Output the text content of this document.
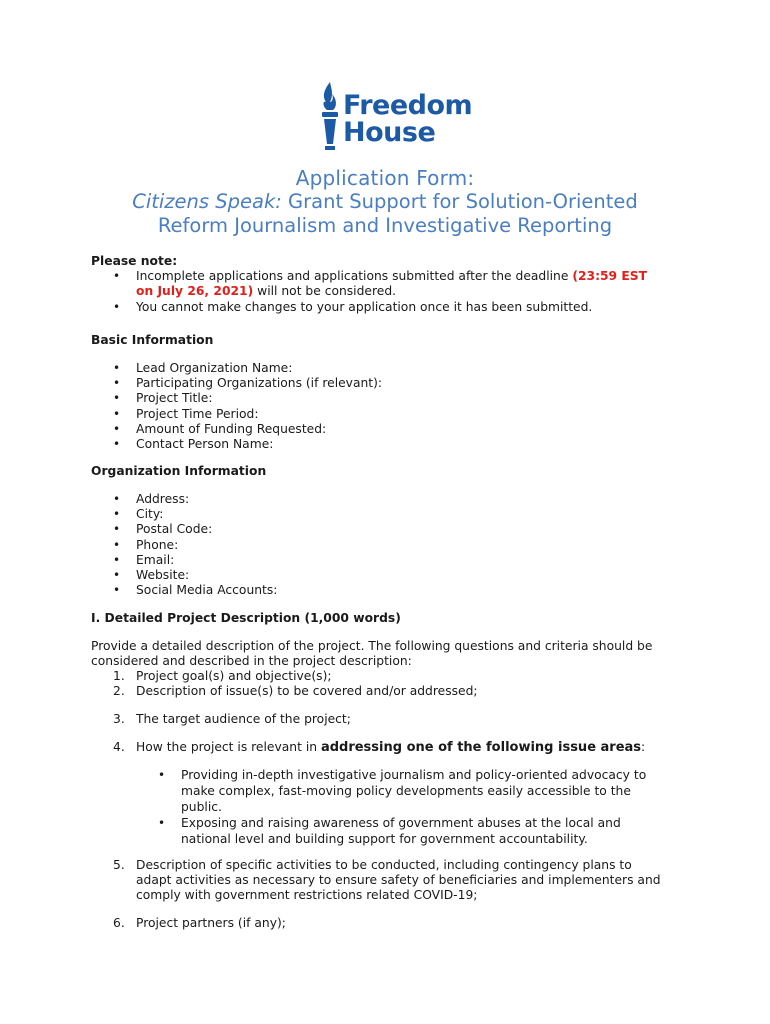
Freedom
House
Application Form:
Citizens Speak: Grant Support for Solution-Oriented
Reform Journalism and Investigative Reporting
Please note:
• Incomplete applications and applications submitted after the deadline (23:59 EST
on July 26, 2021) will not be considered.
• You cannot make changes to your application once it has been submitted.
Basic Information
• Lead Organization Name:
• Participating Organizations (if relevant):
• Project Title:
• Project Time Period:
• Amount of Funding Requested:
• Contact Person Name:
Organization Information
• Address:
• City:
• Postal Code:
• Phone:
• Email:
• Website:
• Social Media Accounts:
I. Detailed Project Description (1,000 words)
Provide a detailed description of the project. The following questions and criteria should be
considered and described in the project description:
1. Project goal(s) and objective(s);
2. Description of issue(s) to be covered and/or addressed;
3. The target audience of the project;
4. How the project is relevant in addressing one of the following issue areas:
• Providing in-depth investigative journalism and policy-oriented advocacy to
make complex, fast-moving policy developments easily accessible to the
public.
• Exposing and raising awareness of government abuses at the local and
national level and building support for government accountability.
5. Description of specific activities to be conducted, including contingency plans to
adapt activities as necessary to ensure safety of beneficiaries and implementers and
comply with government restrictions related COVID-19;
6. Project partners (if any);
